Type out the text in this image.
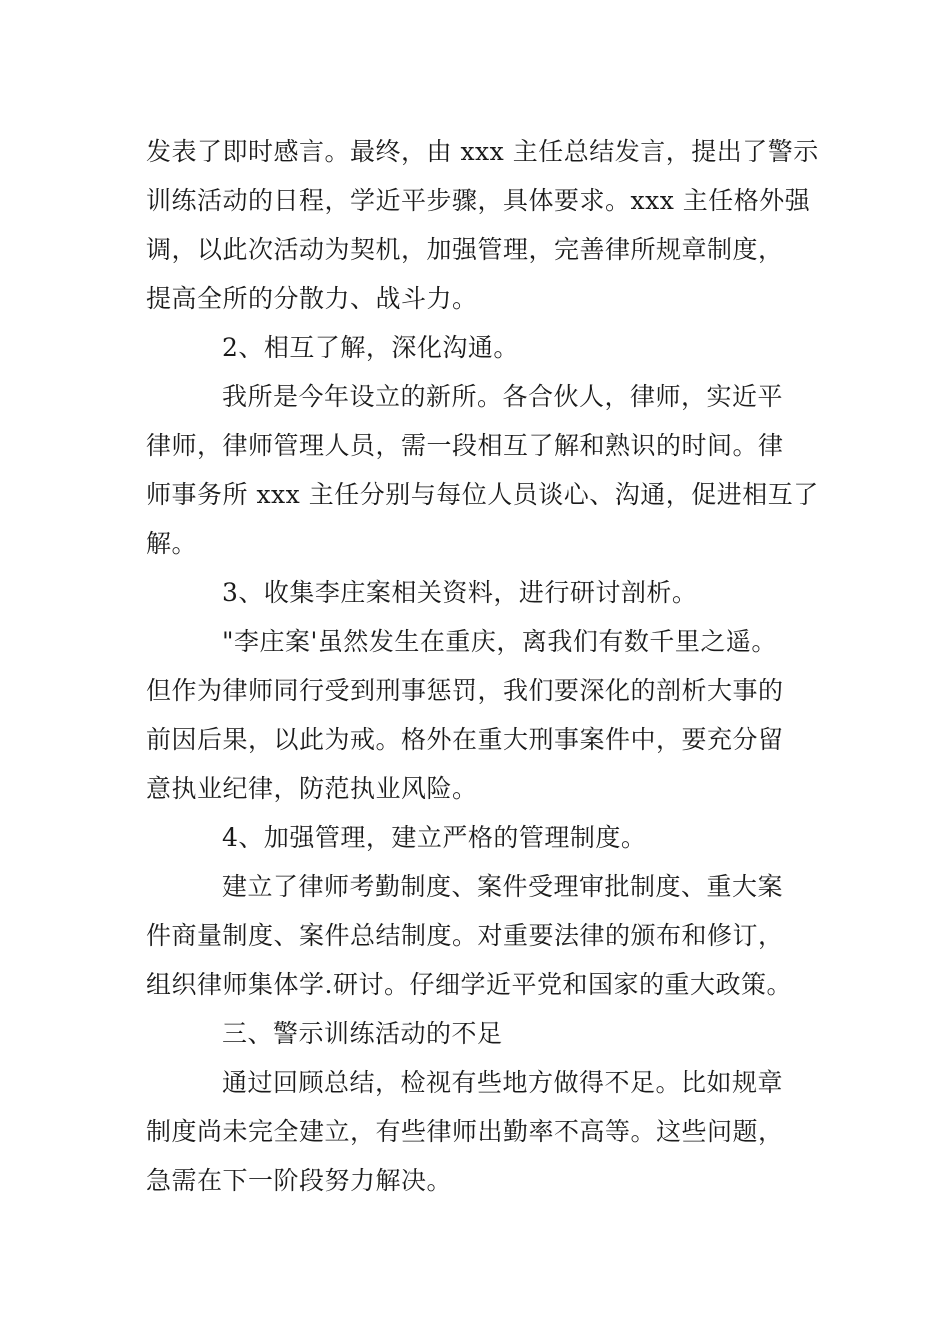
发表了即时感言。最终，由 xxx 主任总结发言，提出了警示
训练活动的日程，学近平步骤，具体要求。xxx 主任格外强
调，以此次活动为契机，加强管理，完善律所规章制度，
提高全所的分散力、战斗力。

2、相互了解，深化沟通。

我所是今年设立的新所。各合伙人，律师，实近平
律师，律师管理人员，需一段相互了解和熟识的时间。律
师事务所 xxx 主任分别与每位人员谈心、沟通，促进相互了
解。

3、收集李庄案相关资料，进行研讨剖析。

"李庄案'虽然发生在重庆，离我们有数千里之遥。
但作为律师同行受到刑事惩罚，我们要深化的剖析大事的
前因后果，以此为戒。格外在重大刑事案件中，要充分留
意执业纪律，防范执业风险。

4、加强管理，建立严格的管理制度。

建立了律师考勤制度、案件受理审批制度、重大案
件商量制度、案件总结制度。对重要法律的颁布和修订，
组织律师集体学.研讨。仔细学近平党和国家的重大政策。

三、警示训练活动的不足

通过回顾总结，检视有些地方做得不足。比如规章
制度尚未完全建立，有些律师出勤率不高等。这些问题，
急需在下一阶段努力解决。
